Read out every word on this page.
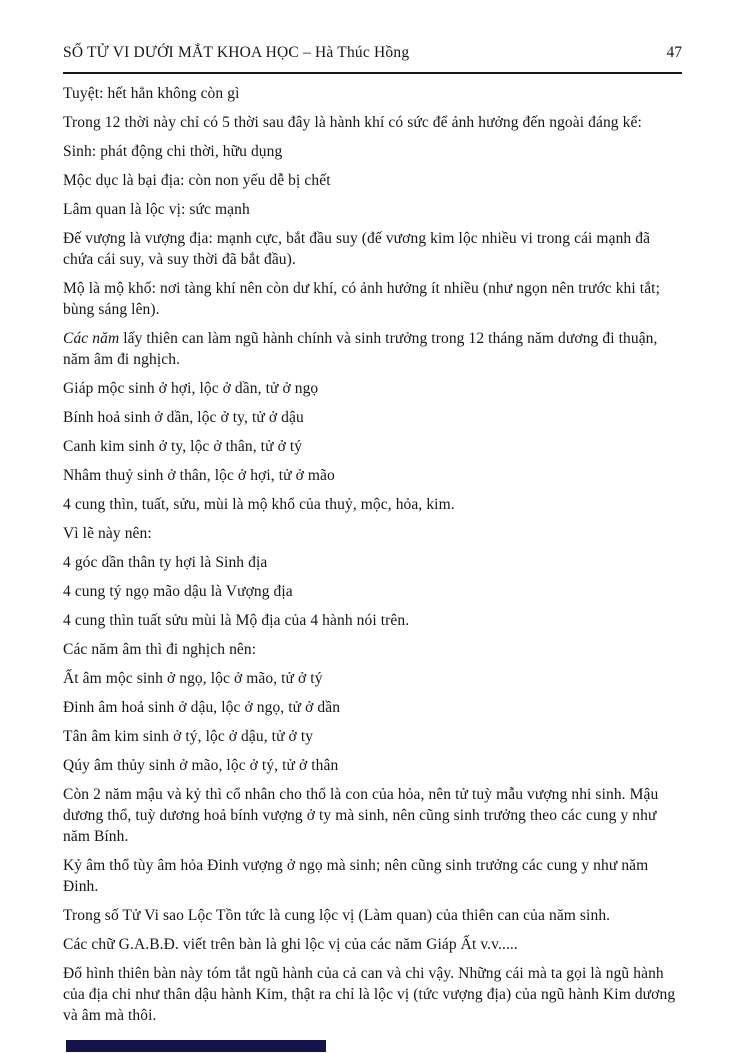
SỐ TỬ VI DƯỚI MẮT KHOA HỌC – Hà Thúc Hồng	47

Tuyệt: hết hẳn không còn gì

Trong 12 thời này chỉ có 5 thời sau đây là hành khí có sức để ảnh hưởng đến ngoài đáng kể:

Sinh: phát động chi thời, hữu dụng

Mộc dục là bại địa: còn non yếu dễ bị chết

Lâm quan là lộc vị: sức mạnh

Đế vượng là vượng địa: mạnh cực, bắt đầu suy (đế vương kim lộc nhiều vi trong cái mạnh đã chứa cái suy, và suy thời đã bắt đầu).

Mộ là mộ khố: nơi tàng khí nên còn dư khí, có ảnh hưởng ít nhiều (như ngọn nên trước khi tắt; bùng sáng lên).

Các năm lấy thiên can làm ngũ hành chính và sinh trưởng trong 12 tháng năm dương đi thuận, năm âm đi nghịch.

Giáp mộc sinh ở hợi, lộc ở dần, tử ở ngọ

Bính hoả sinh ở dần, lộc ở ty, tử ở dậu

Canh kim sinh ở ty, lộc ở thân, tử ở tý

Nhâm thuỷ sinh ở thân, lộc ở hợi, tử ở mão

4 cung thìn, tuất, sửu, mùi là mộ khổ của thuỷ, mộc, hỏa, kim.

Vì lẽ này nên:

4 góc dần thân ty hợi là Sinh địa

4 cung tý ngọ mão dậu là Vượng địa

4 cung thìn tuất sửu mùi là Mộ địa của 4 hành nói trên.

Các năm âm thì đi nghịch nên:

Ất âm mộc sinh ở ngọ, lộc ở mão, tử ở tý

Đinh âm hoả sinh ở dậu, lộc ở ngọ, tử ở dần

Tân âm kim sinh ở tý, lộc ở dậu, tử ở ty

Qúy âm thủy sinh ở mão, lộc ở tý, tử ở thân

Còn 2 năm mậu và kỷ thì cổ nhân cho thổ là con của hỏa, nên tử tuỳ mẫu vượng nhi sinh. Mậu dương thổ, tuỳ dương hoả bính vượng ở ty mà sinh, nên cũng sinh trưởng theo các cung y như năm Bính.

Kỷ âm thổ tùy âm hỏa Đinh vượng ở ngọ mà sinh; nên cũng sinh trưởng các cung y như năm Đinh.

Trong số Tử Vi sao Lộc Tồn tức là cung lộc vị (Làm quan) của thiên can của năm sinh.

Các chữ G.A.B.Đ. viết trên bàn là ghi lộc vị của các năm Giáp Ất v.v.....

Đổ hình thiên bàn này tóm tắt ngũ hành của cả can và chi vậy. Những cái mà ta gọi là ngũ hành của địa chi như thân dậu hành Kim, thật ra chỉ là lộc vị (tức vượng địa) của ngũ hành Kim dương và âm mà thôi.
